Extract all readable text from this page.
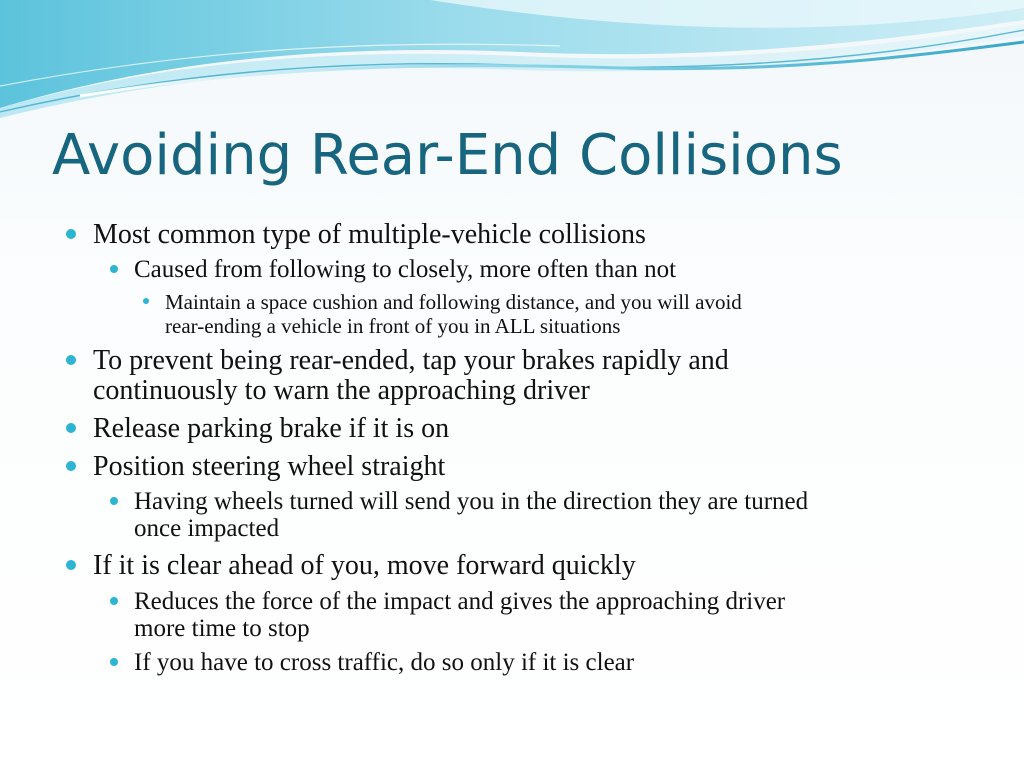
Avoiding Rear-End Collisions
Most common type of multiple-vehicle collisions
Caused from following to closely, more often than not
Maintain a space cushion and following distance, and you will avoid
rear-ending a vehicle in front of you in ALL situations
To prevent being rear-ended, tap your brakes rapidly and
continuously to warn the approaching driver
Release parking brake if it is on
Position steering wheel straight
Having wheels turned will send you in the direction they are turned
once impacted
If it is clear ahead of you, move forward quickly
Reduces the force of the impact and gives the approaching driver
more time to stop
If you have to cross traffic, do so only if it is clear
